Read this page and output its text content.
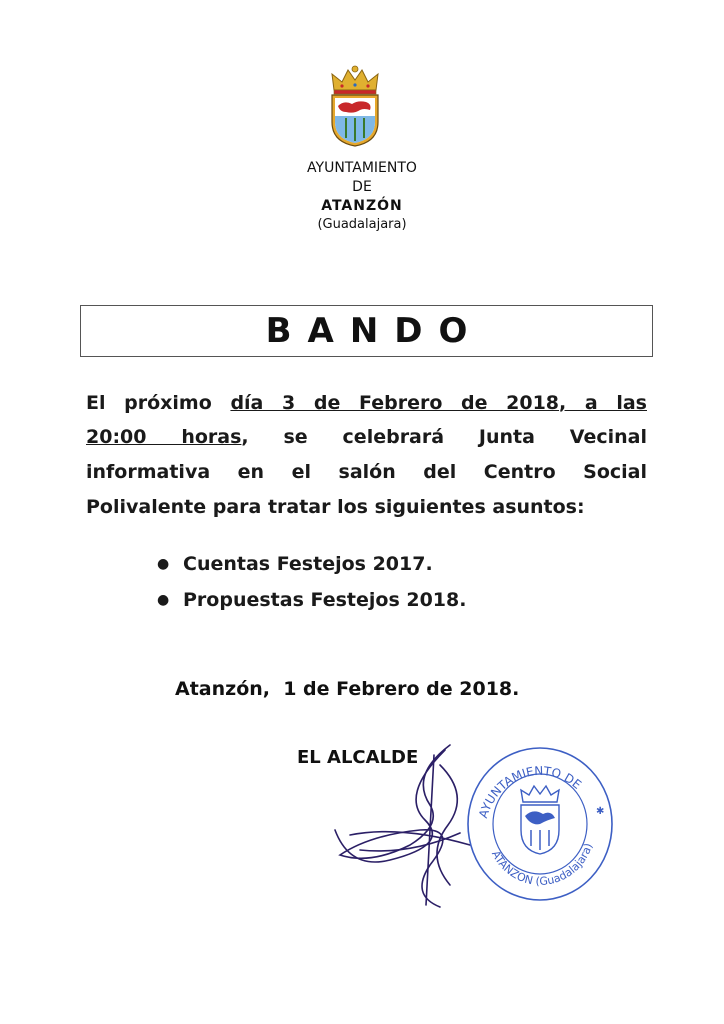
AYUNTAMIENTO
DE
ATANZÓN
(Guadalajara)
BANDO
El próximo día 3 de Febrero de 2018, a las
20:00 horas, se celebrará Junta Vecinal
informativa en el salón del Centro Social
Polivalente para tratar los siguientes asuntos:
● Cuentas Festejos 2017.
● Propuestas Festejos 2018.
Atanzón,  1 de Febrero de 2018.
EL ALCALDE
AYUNTAMIENTO DE
ATANZON (Guadalajara)
✱
